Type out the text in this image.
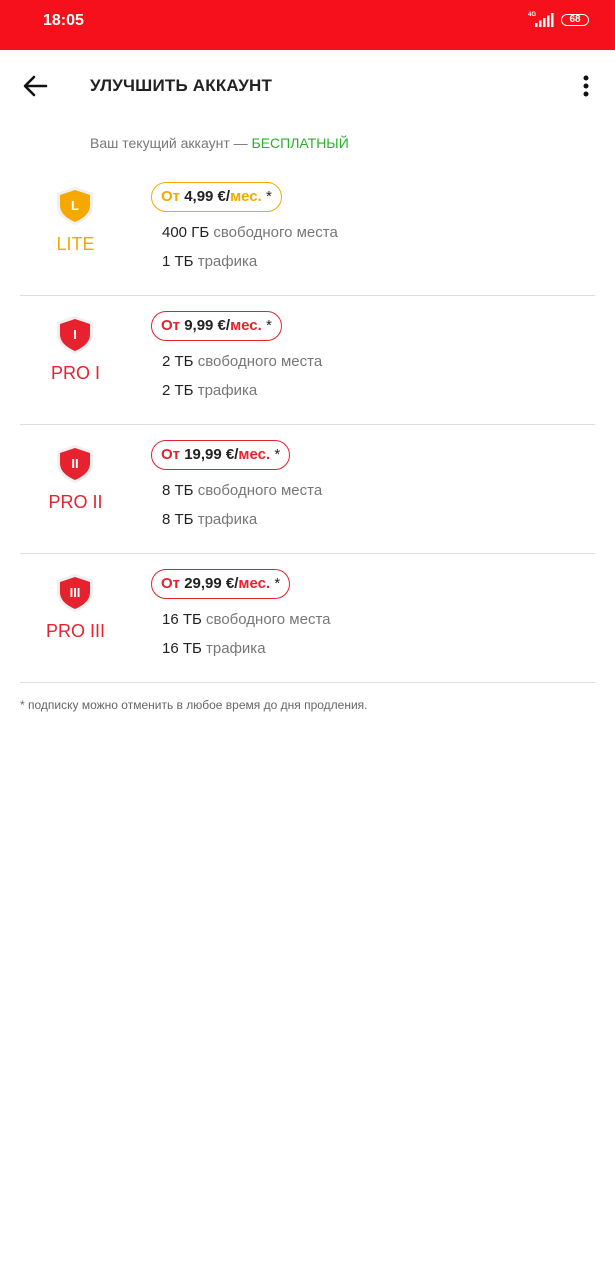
18:05	4G	68
УЛУЧШИТЬ АККАУНТ
Ваш текущий аккаунт — БЕСПЛАТНЫЙ
L
LITE
От 4,99 €/мес. *
400 ГБ свободного места
1 ТБ трафика
I
PRO I
От 9,99 €/мес. *
2 ТБ свободного места
2 ТБ трафика
II
PRO II
От 19,99 €/мес. *
8 ТБ свободного места
8 ТБ трафика
III
PRO III
От 29,99 €/мес. *
16 ТБ свободного места
16 ТБ трафика
* подписку можно отменить в любое время до дня продления.
